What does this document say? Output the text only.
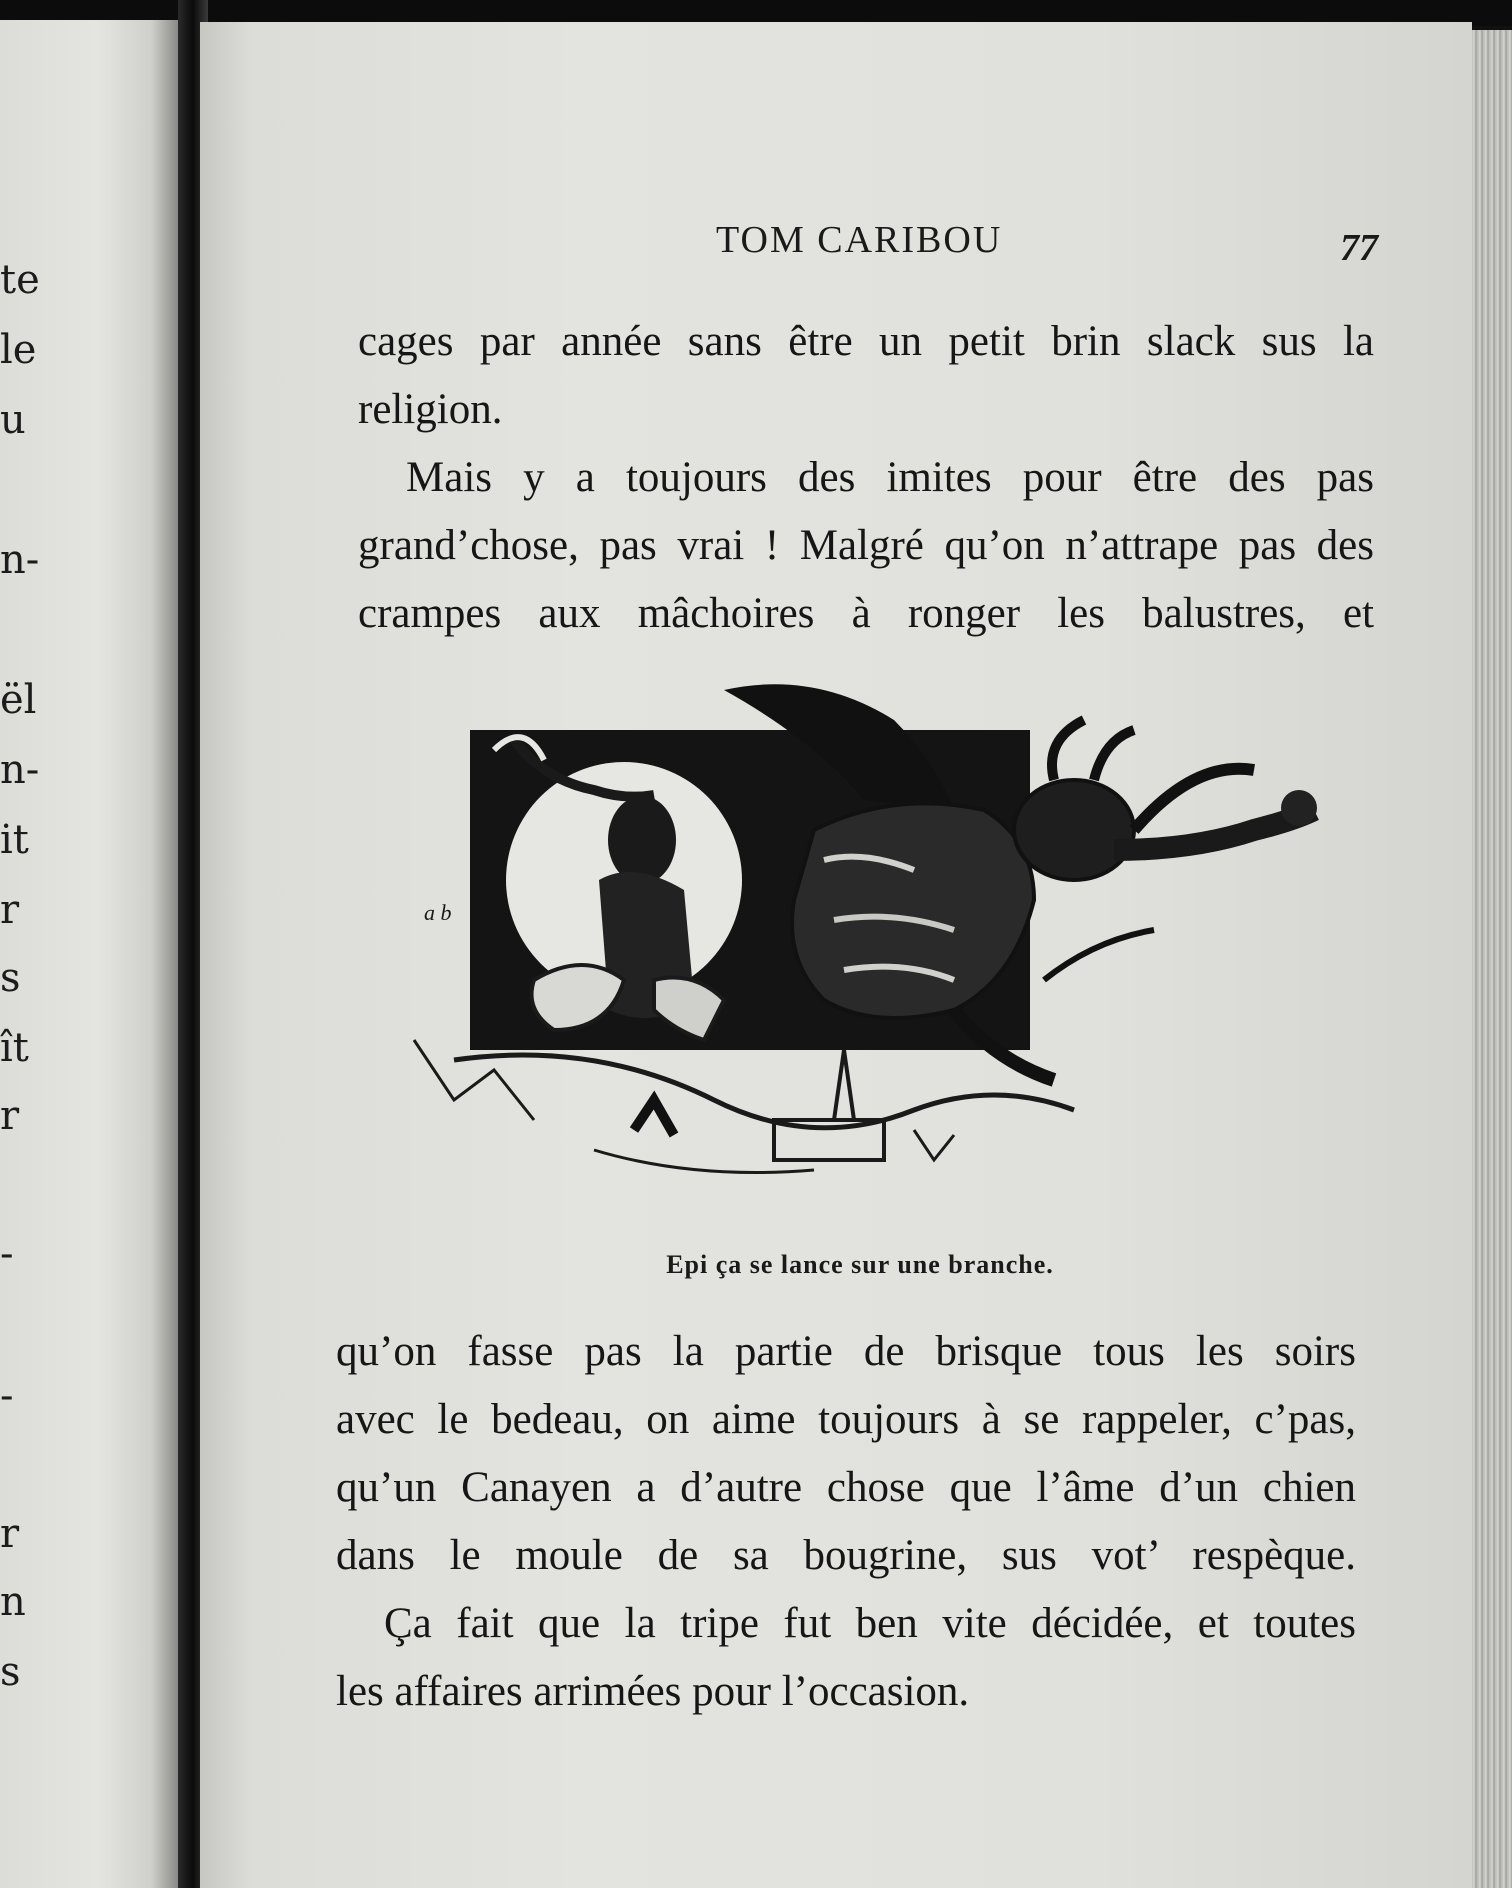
te
le
u
n-
ël
n-
it
r
s
ît
r
-
-
r
n
s
TOM CARIBOU	77
cages par année sans être un petit brin slack sus la
religion.
Mais y a toujours des imites pour être des pas
grand’chose, pas vrai ! Malgré qu’on n’attrape pas des
crampes aux mâchoires à ronger les balustres, et
a b
Epi ça se lance sur une branche.
qu’on fasse pas la partie de brisque tous les soirs
avec le bedeau, on aime toujours à se rappeler, c’pas,
qu’un Canayen a d’autre chose que l’âme d’un chien
dans le moule de sa bougrine, sus vot’ respèque.
Ça fait que la tripe fut ben vite décidée, et toutes
les affaires arrimées pour l’occasion.
